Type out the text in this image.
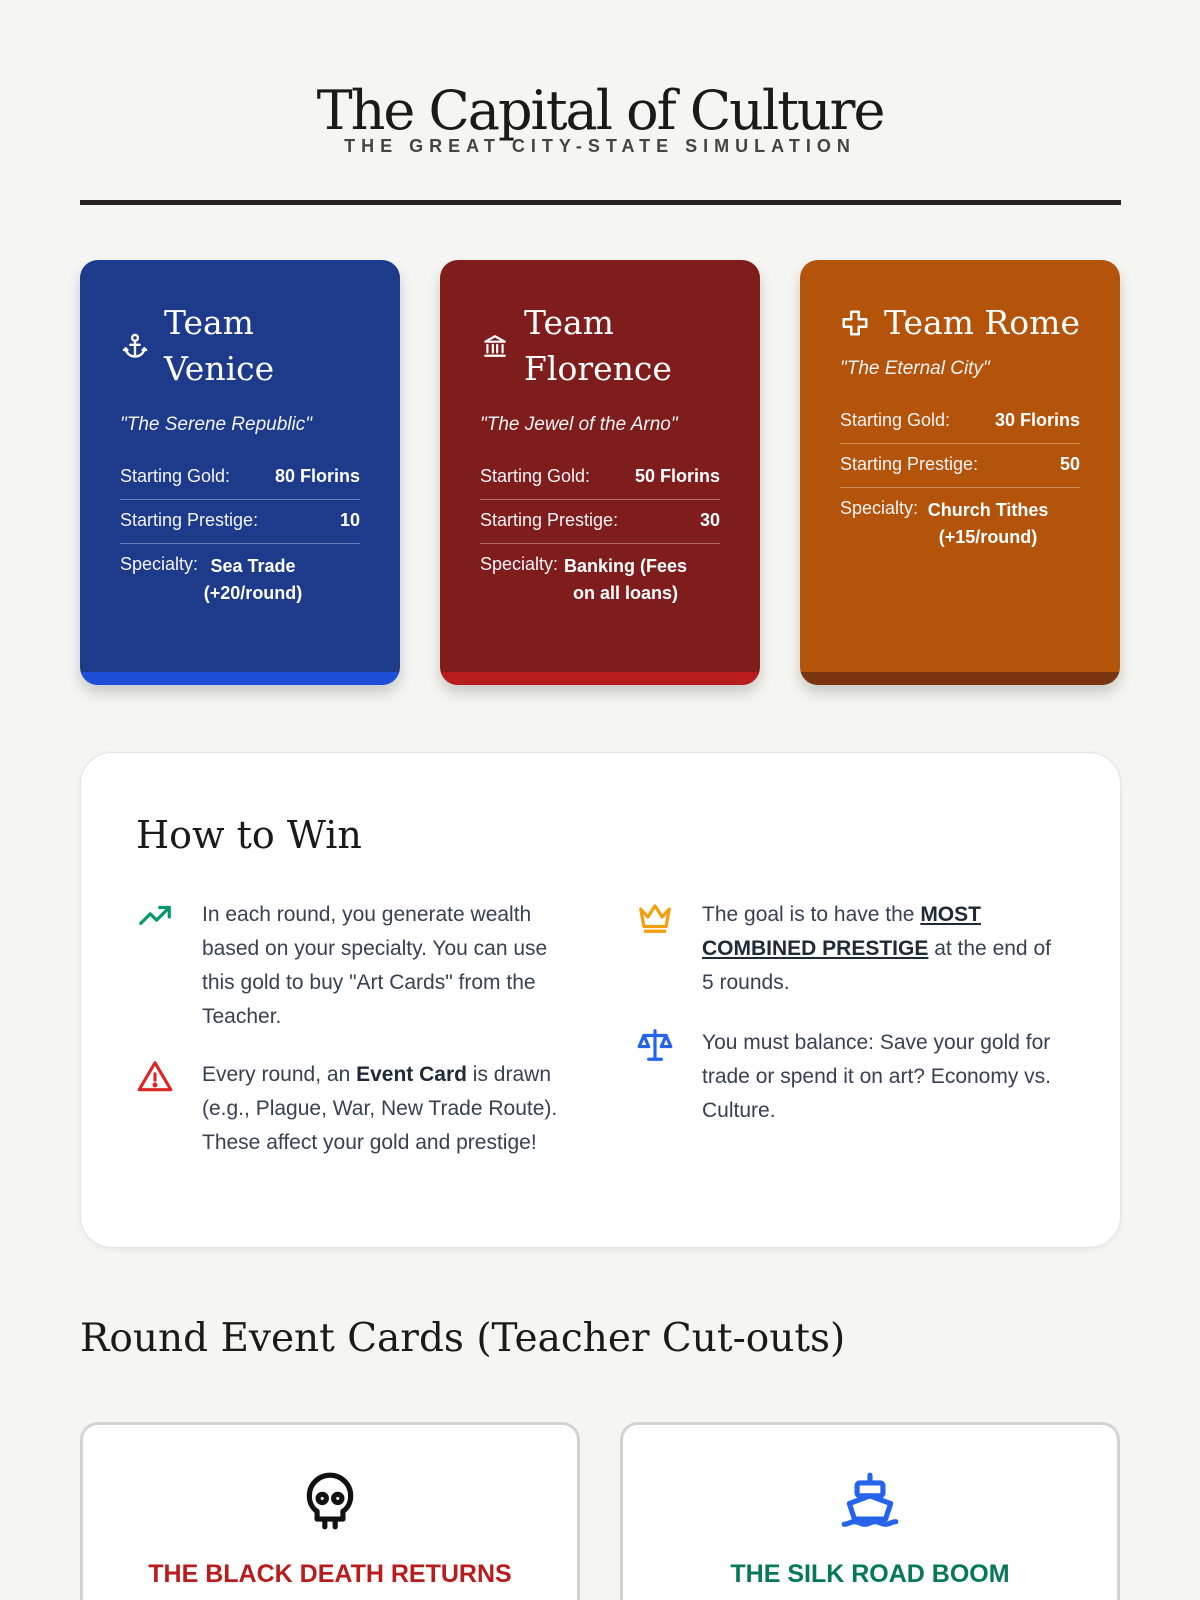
The Capital of Culture
THE GREAT CITY-STATE SIMULATION
Team Venice
"The Serene Republic"
Starting Gold: 80 Florins
Starting Prestige:	10
Specialty: Sea Trade (+20/round)
Team Florence
"The Jewel of the Arno"
Starting Gold: 50 Florins
Starting Prestige:	30
Specialty: Banking (Fees on all loans)
Team Rome
"The Eternal City"
Starting Gold: 30 Florins
Starting Prestige:	50
Specialty: Church Tithes (+15/round)
How to Win
In each round, you generate wealth based on your specialty. You can use this gold to buy "Art Cards" from the Teacher.
The goal is to have the MOST COMBINED PRESTIGE at the end of 5 rounds.
Every round, an Event Card is drawn (e.g., Plague, War, New Trade Route). These affect your gold and prestige!
You must balance: Save your gold for trade or spend it on art? Economy vs. Culture.
Round Event Cards (Teacher Cut-outs)
THE BLACK DEATH RETURNS	THE SILK ROAD BOOM
